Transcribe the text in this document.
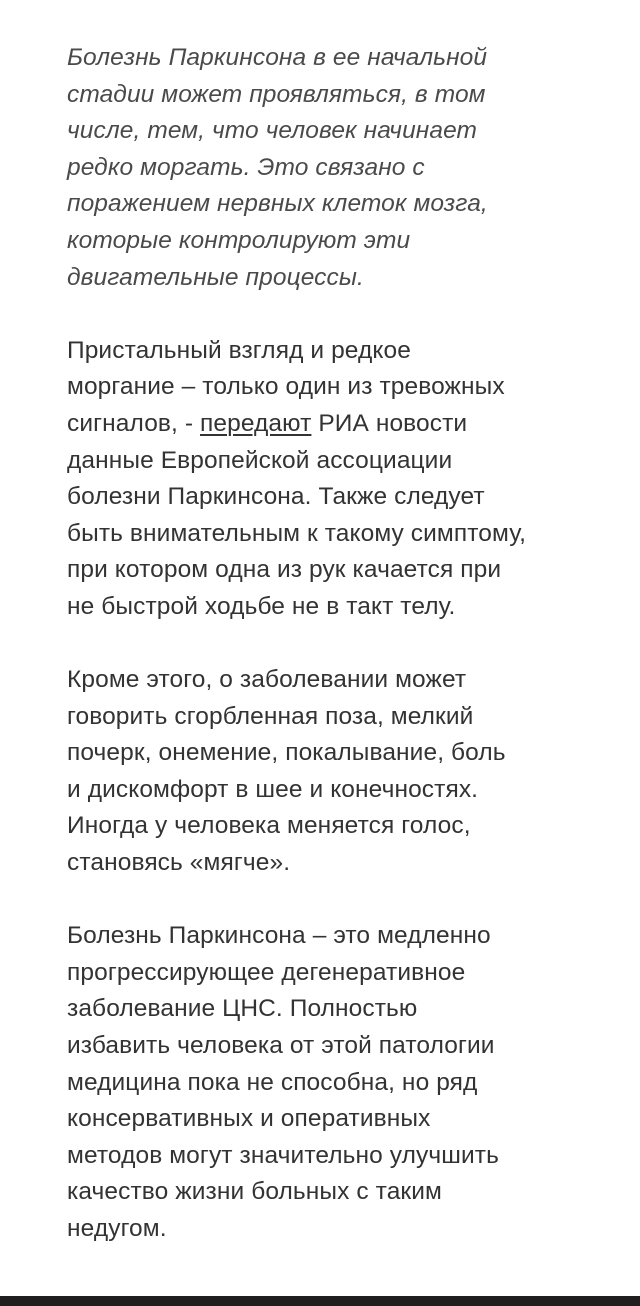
Болезнь Паркинсона в ее начальной
стадии может проявляться, в том
числе, тем, что человек начинает
редко моргать. Это связано с
поражением нервных клеток мозга,
которые контролируют эти
двигательные процессы.

Пристальный взгляд и редкое
моргание – только один из тревожных
сигналов, - передают РИА новости
данные Европейской ассоциации
болезни Паркинсона. Также следует
быть внимательным к такому симптому,
при котором одна из рук качается при
не быстрой ходьбе не в такт телу.

Кроме этого, о заболевании может
говорить сгорбленная поза, мелкий
почерк, онемение, покалывание, боль
и дискомфорт в шее и конечностях.
Иногда у человека меняется голос,
становясь «мягче».

Болезнь Паркинсона – это медленно
прогрессирующее дегенеративное
заболевание ЦНС. Полностью
избавить человека от этой патологии
медицина пока не способна, но ряд
консервативных и оперативных
методов могут значительно улучшить
качество жизни больных с таким
недугом.
